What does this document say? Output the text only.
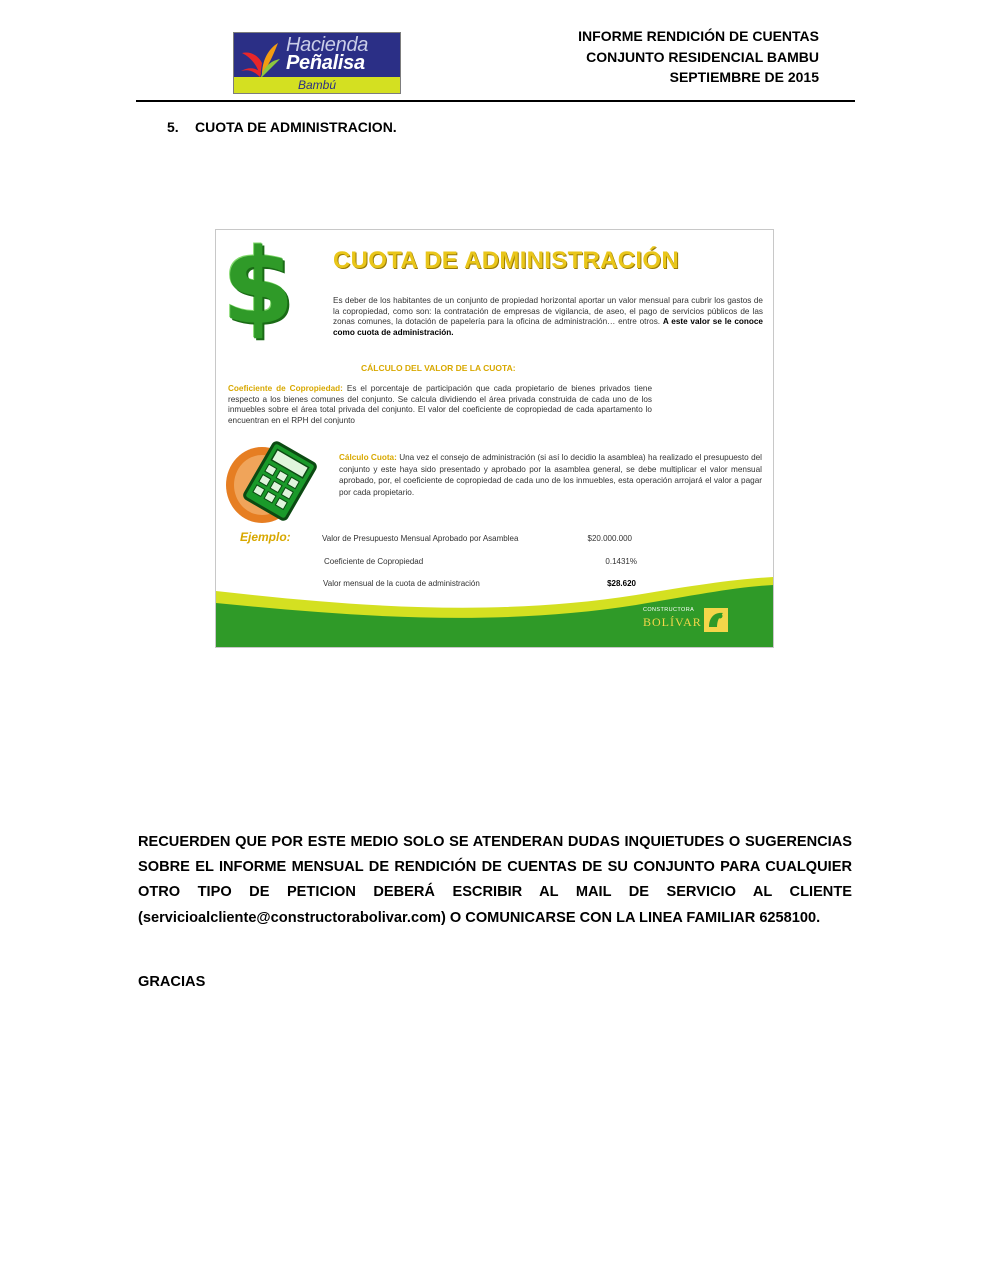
Hacienda
Peñalisa
Bambú
INFORME RENDICIÓN DE CUENTAS
CONJUNTO RESIDENCIAL BAMBU
SEPTIEMBRE DE 2015
5. CUOTA DE ADMINISTRACION.
$	CUOTA DE ADMINISTRACIÓN
Es deber de los habitantes de un conjunto de propiedad horizontal aportar un valor mensual para cubrir los gastos de la copropiedad, como son: la contratación de empresas de vigilancia, de aseo, el pago de servicios públicos de las zonas comunes, la dotación de papelería para la oficina de administración… entre otros. A este valor se le conoce como cuota de administración.
CÁLCULO DEL VALOR DE LA CUOTA:
Coeficiente de Copropiedad: Es el porcentaje de participación que cada propietario de bienes privados tiene respecto a los bienes comunes del conjunto. Se calcula dividiendo el área privada construida de cada uno de los inmuebles sobre el área total privada del conjunto. El valor del coeficiente de copropiedad de cada apartamento lo encuentran en el RPH del conjunto
Cálculo Cuota: Una vez el consejo de administración (si así lo decidio la asamblea) ha realizado el presupuesto del conjunto y este haya sido presentado y aprobado por la asamblea general, se debe multiplicar el valor mensual aprobado, por, el coeficiente de copropiedad de cada uno de los inmuebles, esta operación arrojará el valor a pagar por cada propietario.
Ejemplo:	Valor de Presupuesto Mensual Aprobado por Asamblea	$20.000.000
Coeficiente de Copropiedad	0.1431%
Valor mensual de la cuota de administración	$28.620
CONSTRUCTORA
BOLÍVAR
RECUERDEN QUE POR ESTE MEDIO SOLO SE ATENDERAN DUDAS INQUIETUDES O SUGERENCIAS SOBRE EL INFORME MENSUAL DE RENDICIÓN DE CUENTAS DE SU CONJUNTO PARA CUALQUIER OTRO TIPO DE PETICION DEBERÁ ESCRIBIR AL MAIL DE SERVICIO AL CLIENTE (servicioalcliente@constructorabolivar.com) O COMUNICARSE CON LA LINEA FAMILIAR 6258100.
GRACIAS
